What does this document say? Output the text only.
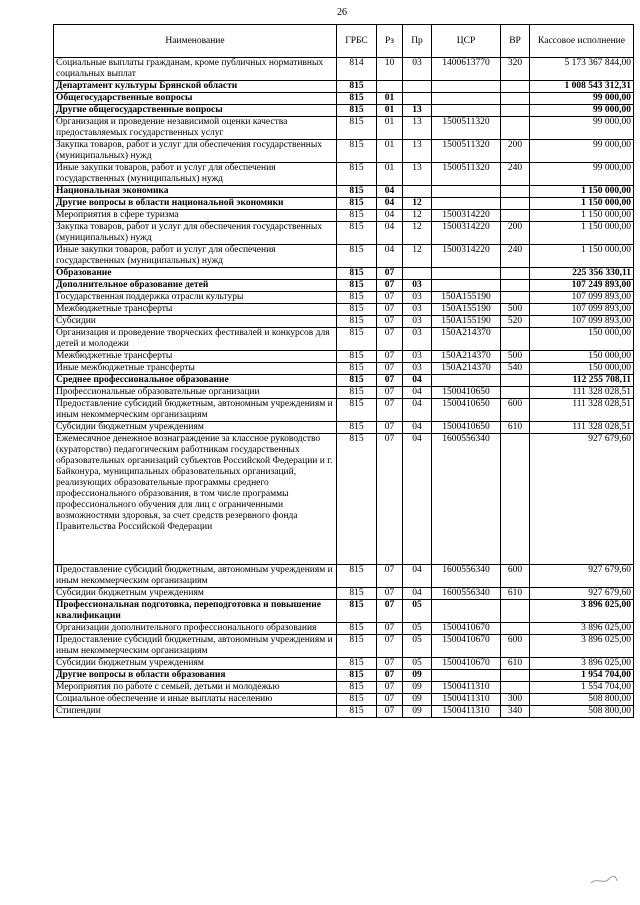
26
Наименование	ГРБС	Рз	Пр	ЦСР	ВР	Кассовое исполнение
Социальные выплаты гражданам, кроме публичных нормативных социальных выплат	814	10	03	1400613770	320	5 173 367 844,00
Департамент культуры Брянской области	815					1 008 543 312,31
Общегосударственные вопросы	815	01				99 000,00
Другие общегосударственные вопросы	815	01	13			99 000,00
Организация и проведение независимой оценки качества предоставляемых государственных услуг	815	01	13	1500511320		99 000,00
Закупка товаров, работ и услуг для обеспечения государственных (муниципальных) нужд	815	01	13	1500511320	200	99 000,00
Иные закупки товаров, работ и услуг для обеспечения государственных (муниципальных) нужд	815	01	13	1500511320	240	99 000,00
Национальная экономика	815	04				1 150 000,00
Другие вопросы в области национальной экономики	815	04	12			1 150 000,00
Мероприятия в сфере туризма	815	04	12	1500314220		1 150 000,00
Закупка товаров, работ и услуг для обеспечения государственных (муниципальных) нужд	815	04	12	1500314220	200	1 150 000,00
Иные закупки товаров, работ и услуг для обеспечения государственных (муниципальных) нужд	815	04	12	1500314220	240	1 150 000,00
Образование	815	07				225 356 330,11
Дополнительное образование детей	815	07	03			107 249 893,00
Государственная поддержка отрасли культуры	815	07	03	150A155190		107 099 893,00
Межбюджетные трансферты	815	07	03	150A155190	500	107 099 893,00
Субсидии	815	07	03	150A155190	520	107 099 893,00
Организация и проведение творческих фестивалей и конкурсов для детей и молодежи	815	07	03	150A214370		150 000,00
Межбюджетные трансферты	815	07	03	150A214370	500	150 000,00
Иные межбюджетные трансферты	815	07	03	150A214370	540	150 000,00
Среднее профессиональное образование	815	07	04			112 255 708,11
Профессиональные образовательные организации	815	07	04	1500410650		111 328 028,51
Предоставление субсидий бюджетным, автономным учреждениям и иным некоммерческим организациям	815	07	04	1500410650	600	111 328 028,51
Субсидии бюджетным учреждениям	815	07	04	1500410650	610	111 328 028,51
Ежемесячное денежное вознаграждение за классное руководство (кураторство) педагогическим работникам государственных образовательных организаций субъектов Российской Федерации и г. Байконура, муниципальных образовательных организаций, реализующих образовательные программы среднего профессионального образования, в том числе программы профессионального обучения для лиц с ограниченными возможностями здоровья, за счет средств резервного фонда Правительства Российской Федерации	815	07	04	1600556340		927 679,60
Предоставление субсидий бюджетным, автономным учреждениям и иным некоммерческим организациям	815	07	04	1600556340	600	927 679,60
Субсидии бюджетным учреждениям	815	07	04	1600556340	610	927 679,60
Профессиональная подготовка, переподготовка и повышение квалификации	815	07	05			3 896 025,00
Организации дополнительного профессионального образования	815	07	05	1500410670		3 896 025,00
Предоставление субсидий бюджетным, автономным учреждениям и иным некоммерческим организациям	815	07	05	1500410670	600	3 896 025,00
Субсидии бюджетным учреждениям	815	07	05	1500410670	610	3 896 025,00
Другие вопросы в области образования	815	07	09			1 954 704,00
Мероприятия по работе с семьей, детьми и молодежью	815	07	09	1500411310		1 554 704,00
Социальное обеспечение и иные выплаты населению	815	07	09	1500411310	300	508 800,00
Стипендии	815	07	09	1500411310	340	508 800,00
